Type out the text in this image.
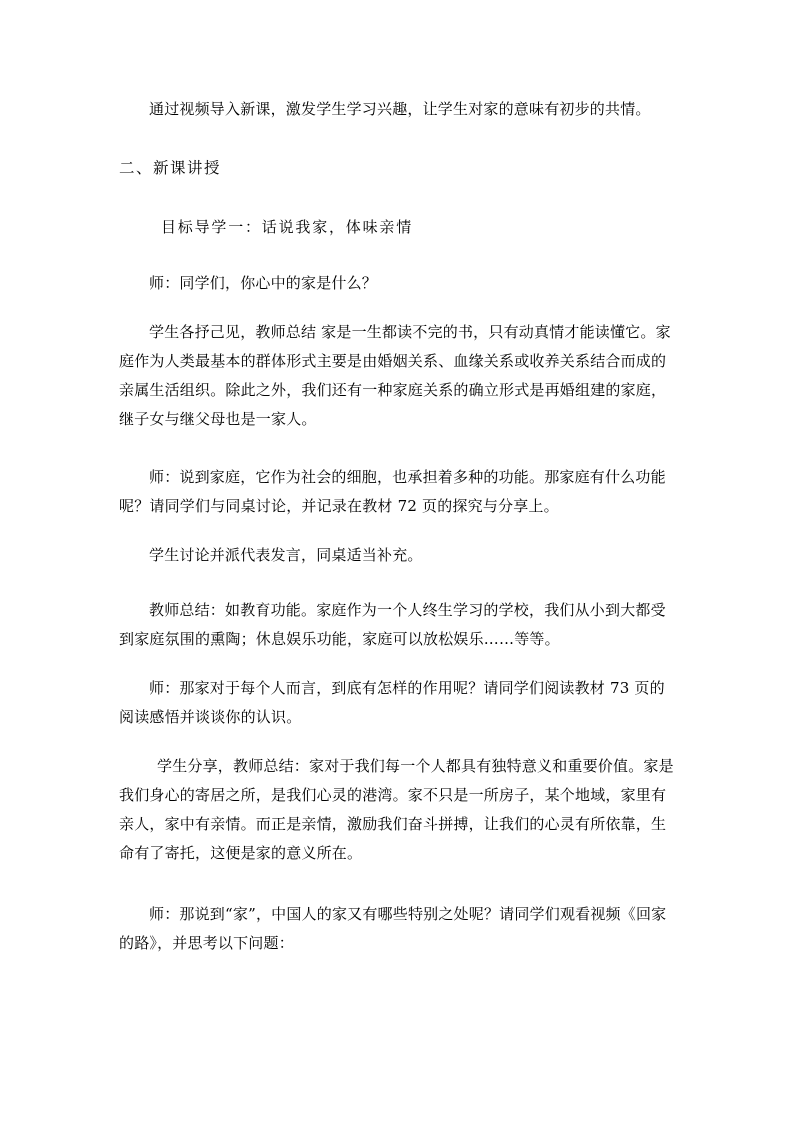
通过视频导入新课，激发学生学习兴趣，让学生对家的意味有初步的共情。

二、新课讲授

目标导学一：话说我家，体味亲情

师：同学们，你心中的家是什么？

学生各抒己见，教师总结 家是一生都读不完的书，只有动真情才能读懂它。家庭作为人类最基本的群体形式主要是由婚姻关系、血缘关系或收养关系结合而成的亲属生活组织。除此之外，我们还有一种家庭关系的确立形式是再婚组建的家庭，继子女与继父母也是一家人。

师：说到家庭，它作为社会的细胞，也承担着多种的功能。那家庭有什么功能呢？请同学们与同桌讨论，并记录在教材 72 页的探究与分享上。

学生讨论并派代表发言，同桌适当补充。

教师总结：如教育功能。家庭作为一个人终生学习的学校，我们从小到大都受到家庭氛围的熏陶；休息娱乐功能，家庭可以放松娱乐……等等。

师：那家对于每个人而言，到底有怎样的作用呢？请同学们阅读教材 73 页的阅读感悟并谈谈你的认识。

学生分享，教师总结：家对于我们每一个人都具有独特意义和重要价值。家是我们身心的寄居之所，是我们心灵的港湾。家不只是一所房子，某个地域，家里有亲人，家中有亲情。而正是亲情，激励我们奋斗拼搏，让我们的心灵有所依靠，生命有了寄托，这便是家的意义所在。

师：那说到“家”，中国人的家又有哪些特别之处呢？请同学们观看视频《回家的路》，并思考以下问题：
